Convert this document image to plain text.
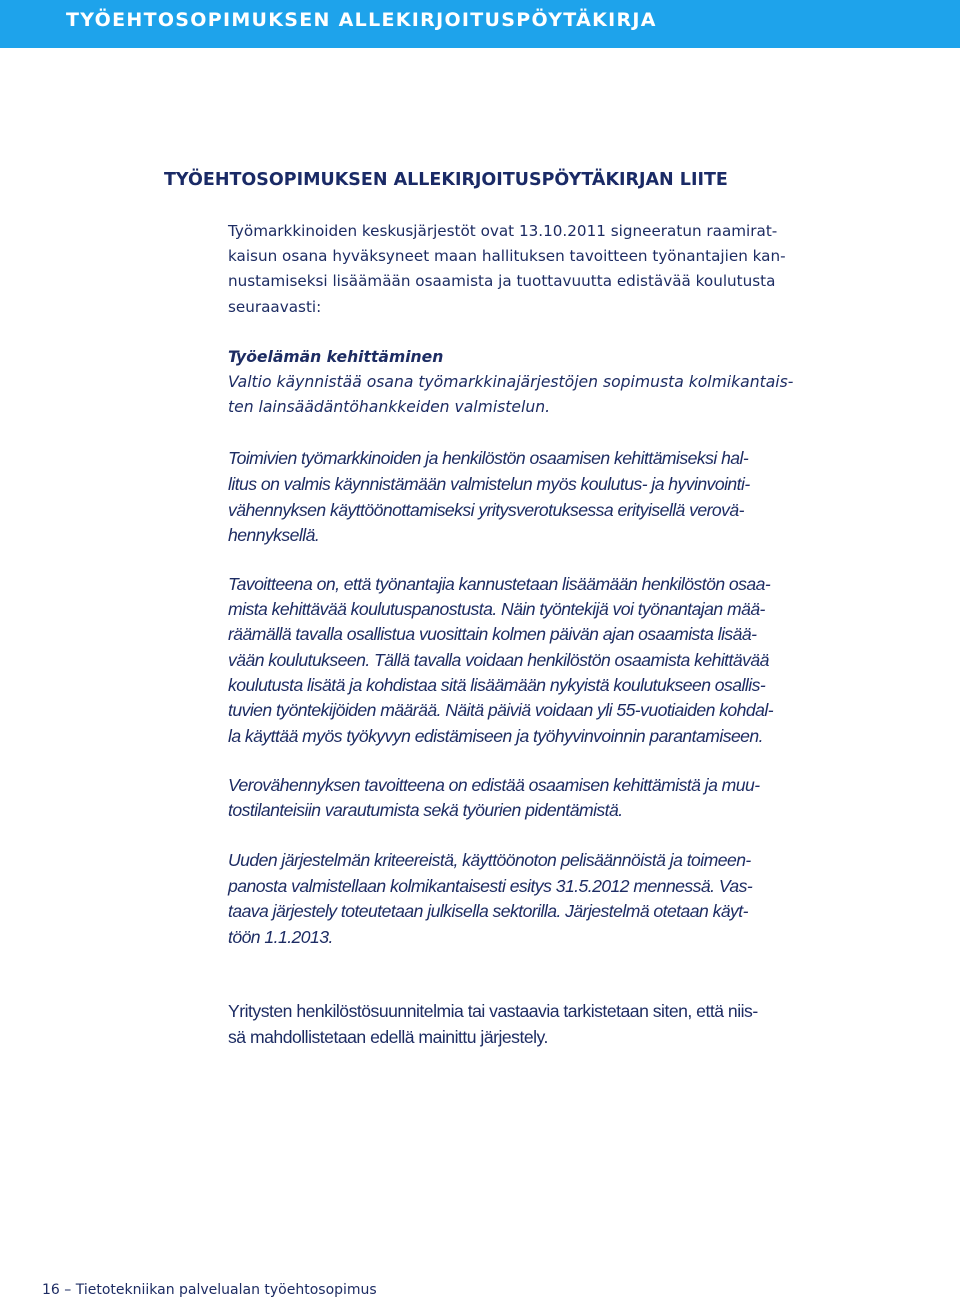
TYÖEHTOSOPIMUKSEN ALLEKIRJOITUSPÖYTÄKIRJA
TYÖEHTOSOPIMUKSEN ALLEKIRJOITUSPÖYTÄKIRJAN LIITE

Työmarkkinoiden keskusjärjestöt ovat 13.10.2011 signeeratun raamirat-

kaisun osana hyväksyneet maan hallituksen tavoitteen työnantajien kan-

nustamiseksi lisäämään osaamista ja tuottavuutta edistävää koulutusta

seuraavasti:

Työelämän kehittäminen

Valtio käynnistää osana työmarkkinajärjestöjen sopimusta kolmikantais-

ten lainsäädäntöhankkeiden valmistelun.

Toimivien työmarkkinoiden ja henkilöstön osaamisen kehittämiseksi hal-

litus on valmis käynnistämään valmistelun myös koulutus- ja hyvinvointi-

vähennyksen käyttöönottamiseksi yritysverotuksessa erityisellä verovä-

hennyksellä.

Tavoitteena on, että työnantajia kannustetaan lisäämään henkilöstön osaa-

mista kehittävää koulutuspanostusta. Näin työntekijä voi työnantajan mää-

räämällä tavalla osallistua vuosittain kolmen päivän ajan osaamista lisää-

vään koulutukseen. Tällä tavalla voidaan henkilöstön osaamista kehittävää

koulutusta lisätä ja kohdistaa sitä lisäämään nykyistä koulutukseen osallis-

tuvien työntekijöiden määrää. Näitä päiviä voidaan yli 55-vuotiaiden kohdal-

la käyttää myös työkyvyn edistämiseen ja työhyvinvoinnin parantamiseen.

Verovähennyksen tavoitteena on edistää osaamisen kehittämistä ja muu-

tostilanteisiin varautumista sekä työurien pidentämistä.

Uuden järjestelmän kriteereistä, käyttöönoton pelisäännöistä ja toimeen-

panosta valmistellaan kolmikantaisesti esitys 31.5.2012 mennessä. Vas-

taava järjestely toteutetaan julkisella sektorilla. Järjestelmä otetaan käyt-

töön 1.1.2013.

Yritysten henkilöstösuunnitelmia tai vastaavia tarkistetaan siten, että niis-

sä mahdollistetaan edellä mainittu järjestely.

16 – Tietotekniikan palvelualan työehtosopimus
